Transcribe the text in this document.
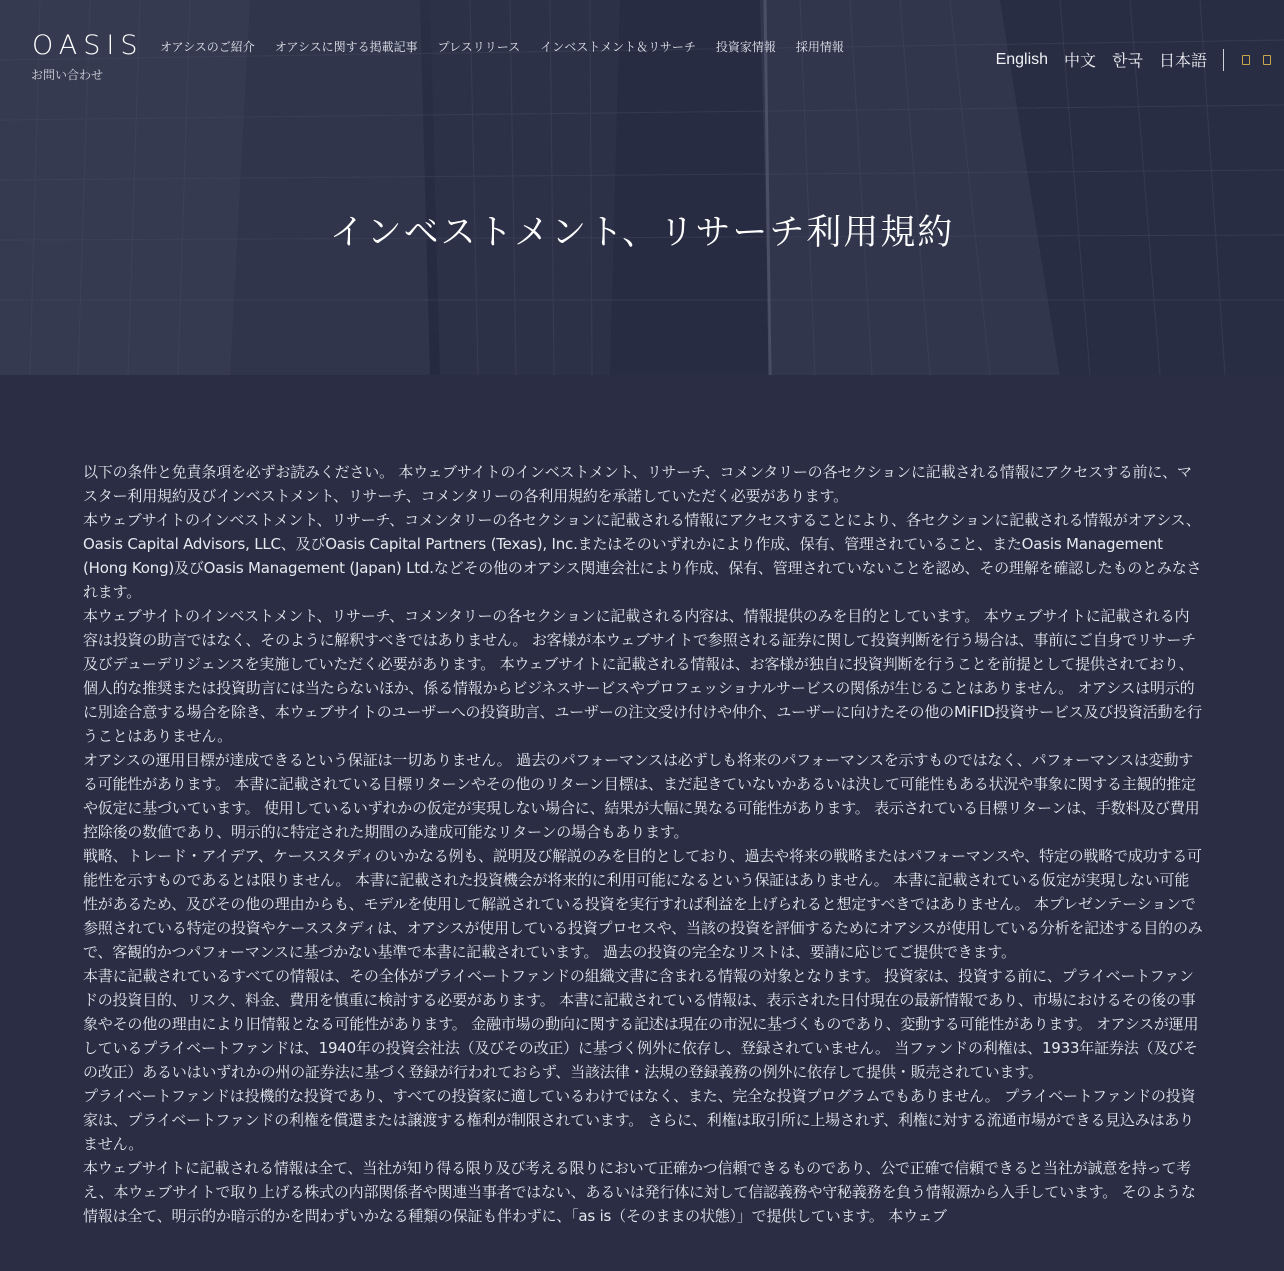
OASIS
お問い合わせ
オアシスのご紹介 オアシスに関する掲載記事 プレスリリース インベストメント＆リサーチ 投資家情報 採用情報
English 中文 한국 日本語
インベストメント、リサーチ利用規約

以下の条件と免責条項を必ずお読みください。 本ウェブサイトのインベストメント、リサーチ、コメンタリーの各セクションに記載される情報にアクセスする前に、マスター利用規約及びインベストメント、リサーチ、コメンタリーの各利用規約を承諾していただく必要があります。

本ウェブサイトのインベストメント、リサーチ、コメンタリーの各セクションに記載される情報にアクセスすることにより、各セクションに記載される情報がオアシス、Oasis Capital Advisors, LLC、及びOasis Capital Partners (Texas), Inc.またはそのいずれかにより作成、保有、管理されていること、またOasis Management (Hong Kong)及びOasis Management (Japan) Ltd.などその他のオアシス関連会社により作成、保有、管理されていないことを認め、その理解を確認したものとみなされます。

本ウェブサイトのインベストメント、リサーチ、コメンタリーの各セクションに記載される内容は、情報提供のみを目的としています。 本ウェブサイトに記載される内容は投資の助言ではなく、そのように解釈すべきではありません。 お客様が本ウェブサイトで参照される証券に関して投資判断を行う場合は、事前にご自身でリサーチ及びデューデリジェンスを実施していただく必要があります。 本ウェブサイトに記載される情報は、お客様が独自に投資判断を行うことを前提として提供されており、個人的な推奨または投資助言には当たらないほか、係る情報からビジネスサービスやプロフェッショナルサービスの関係が生じることはありません。 オアシスは明示的に別途合意する場合を除き、本ウェブサイトのユーザーへの投資助言、ユーザーの注文受け付けや仲介、ユーザーに向けたその他のMiFID投資サービス及び投資活動を行うことはありません。

オアシスの運用目標が達成できるという保証は一切ありません。 過去のパフォーマンスは必ずしも将来のパフォーマンスを示すものではなく、パフォーマンスは変動する可能性があります。 本書に記載されている目標リターンやその他のリターン目標は、まだ起きていないかあるいは決して可能性もある状況や事象に関する主観的推定や仮定に基づいています。 使用しているいずれかの仮定が実現しない場合に、結果が大幅に異なる可能性があります。 表示されている目標リターンは、手数料及び費用控除後の数値であり、明示的に特定された期間のみ達成可能なリターンの場合もあります。

戦略、トレード・アイデア、ケーススタディのいかなる例も、説明及び解説のみを目的としており、過去や将来の戦略またはパフォーマンスや、特定の戦略で成功する可能性を示すものであるとは限りません。 本書に記載された投資機会が将来的に利用可能になるという保証はありません。 本書に記載されている仮定が実現しない可能性があるため、及びその他の理由からも、モデルを使用して解説されている投資を実行すれば利益を上げられると想定すべきではありません。 本プレゼンテーションで参照されている特定の投資やケーススタディは、オアシスが使用している投資プロセスや、当該の投資を評価するためにオアシスが使用している分析を記述する目的のみで、客観的かつパフォーマンスに基づかない基準で本書に記載されています。 過去の投資の完全なリストは、要請に応じてご提供できます。

本書に記載されているすべての情報は、その全体がプライベートファンドの組織文書に含まれる情報の対象となります。 投資家は、投資する前に、プライベートファンドの投資目的、リスク、料金、費用を慎重に検討する必要があります。 本書に記載されている情報は、表示された日付現在の最新情報であり、市場におけるその後の事象やその他の理由により旧情報となる可能性があります。 金融市場の動向に関する記述は現在の市況に基づくものであり、変動する可能性があります。 オアシスが運用しているプライベートファンドは、1940年の投資会社法（及びその改正）に基づく例外に依存し、登録されていません。 当ファンドの利権は、1933年証券法（及びその改正）あるいはいずれかの州の証券法に基づく登録が行われておらず、当該法律・法規の登録義務の例外に依存して提供・販売されています。

プライベートファンドは投機的な投資であり、すべての投資家に適しているわけではなく、また、完全な投資プログラムでもありません。 プライベートファンドの投資家は、プライベートファンドの利権を償還または譲渡する権利が制限されています。 さらに、利権は取引所に上場されず、利権に対する流通市場ができる見込みはありません。

本ウェブサイトに記載される情報は全て、当社が知り得る限り及び考える限りにおいて正確かつ信頼できるものであり、公で正確で信頼できると当社が誠意を持って考え、本ウェブサイトで取り上げる株式の内部関係者や関連当事者ではない、あるいは発行体に対して信認義務や守秘義務を負う情報源から入手しています。 そのような情報は全て、明示的か暗示的かを問わずいかなる種類の保証も伴わずに、「as is（そのままの状態）」で提供しています。 本ウェブ
